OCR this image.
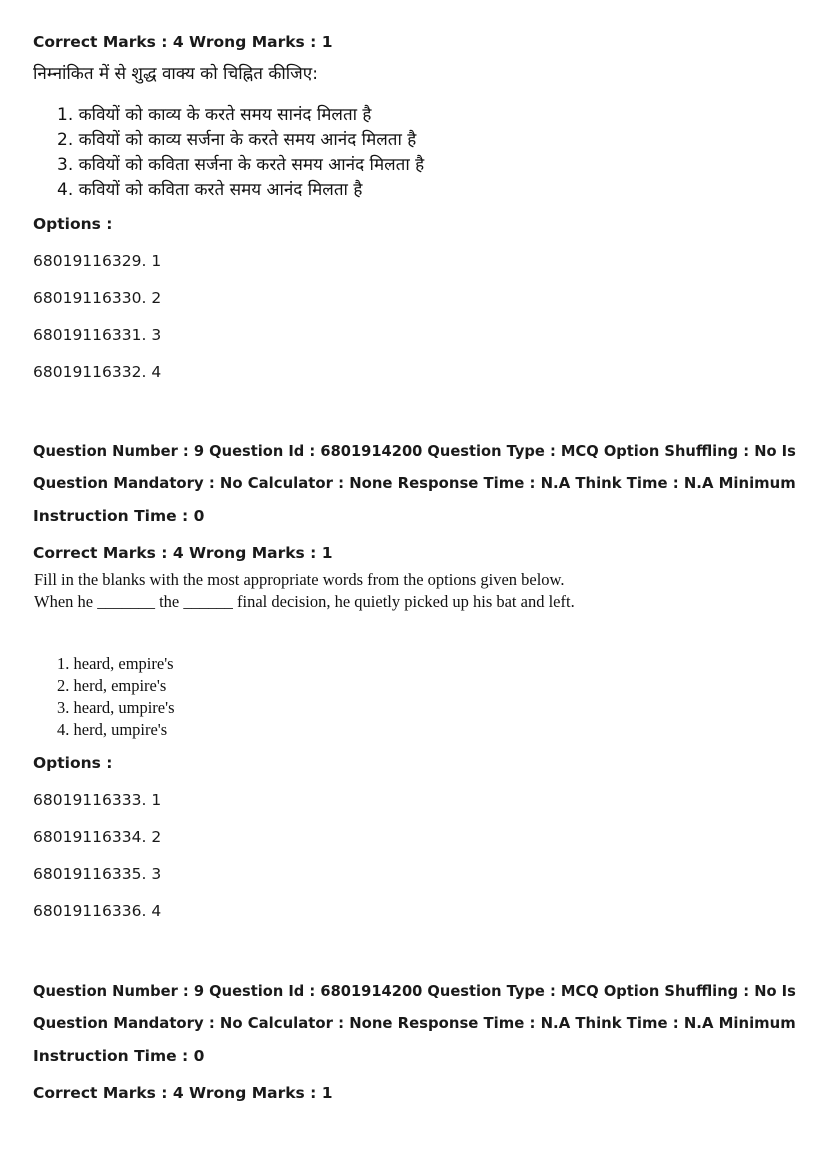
Correct Marks : 4 Wrong Marks : 1
निम्नांकित में से शुद्ध वाक्य को चिह्नित कीजिए:
1. कवियों को काव्य के करते समय सानंद मिलता है
2. कवियों को काव्य सर्जना के करते समय आनंद मिलता है
3. कवियों को कविता सर्जना के करते समय आनंद मिलता है
4. कवियों को कविता करते समय आनंद मिलता है
Options :
68019116329. 1
68019116330. 2
68019116331. 3
68019116332. 4
Question Number : 9 Question Id : 6801914200 Question Type : MCQ Option Shuffling : No Is
Question Mandatory : No Calculator : None Response Time : N.A Think Time : N.A Minimum
Instruction Time : 0
Correct Marks : 4 Wrong Marks : 1
Fill in the blanks with the most appropriate words from the options given below.
When he _______ the ______ final decision, he quietly picked up his bat and left.
1. heard, empire's
2. herd, empire's
3. heard, umpire's
4. herd, umpire's
Options :
68019116333. 1
68019116334. 2
68019116335. 3
68019116336. 4
Question Number : 9 Question Id : 6801914200 Question Type : MCQ Option Shuffling : No Is
Question Mandatory : No Calculator : None Response Time : N.A Think Time : N.A Minimum
Instruction Time : 0
Correct Marks : 4 Wrong Marks : 1
